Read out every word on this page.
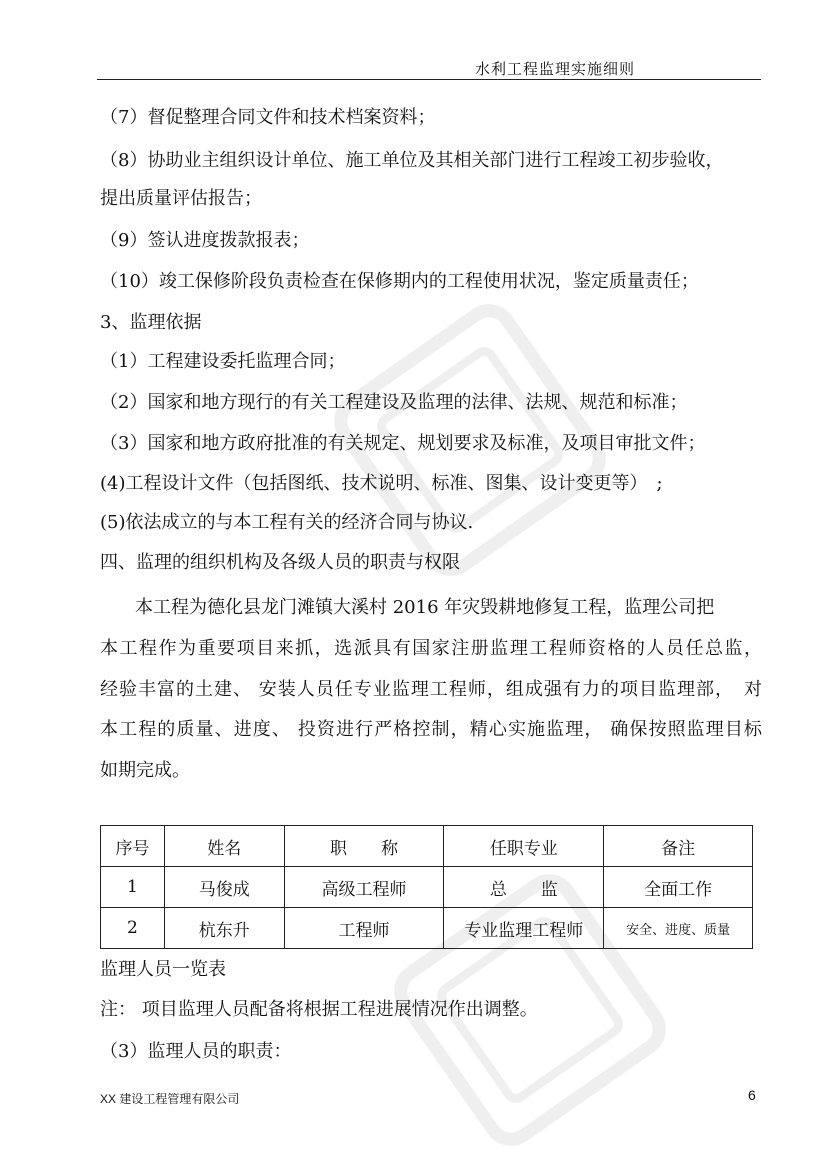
水利工程监理实施细则
（7）督促整理合同文件和技术档案资料；
（8）协助业主组织设计单位、施工单位及其相关部门进行工程竣工初步验收，
提出质量评估报告；
（9）签认进度拨款报表；
（10）竣工保修阶段负责检查在保修期内的工程使用状况，鉴定质量责任；
3、监理依据
（1）工程建设委托监理合同；
（2）国家和地方现行的有关工程建设及监理的法律、法规、规范和标准；
（3）国家和地方政府批准的有关规定、规划要求及标准，及项目审批文件；
(4)工程设计文件（包括图纸、技术说明、标准、图集、设计变更等）　;
(5)依法成立的与本工程有关的经济合同与协议.
四、监理的组织机构及各级人员的职责与权限
本工程为德化县龙门滩镇大溪村 2016 年灾毁耕地修复工程，监理公司把
本工程作为重要项目来抓，选派具有国家注册监理工程师资格的人员任总监，
经验丰富的土建、 安装人员任专业监理工程师，组成强有力的项目监理部，　对
本工程的质量、进度、 投资进行严格控制，精心实施监理， 确保按照监理目标
如期完成。
序号	姓名	职　　称	任职专业	备注
1	马俊成	高级工程师	总　　监	全面工作
2	杭东升	工程师	专业监理工程师	安全、进度、质量
监理人员一览表
注： 项目监理人员配备将根据工程进展情况作出调整。
（3）监理人员的职责：
XX 建设工程管理有限公司	6
